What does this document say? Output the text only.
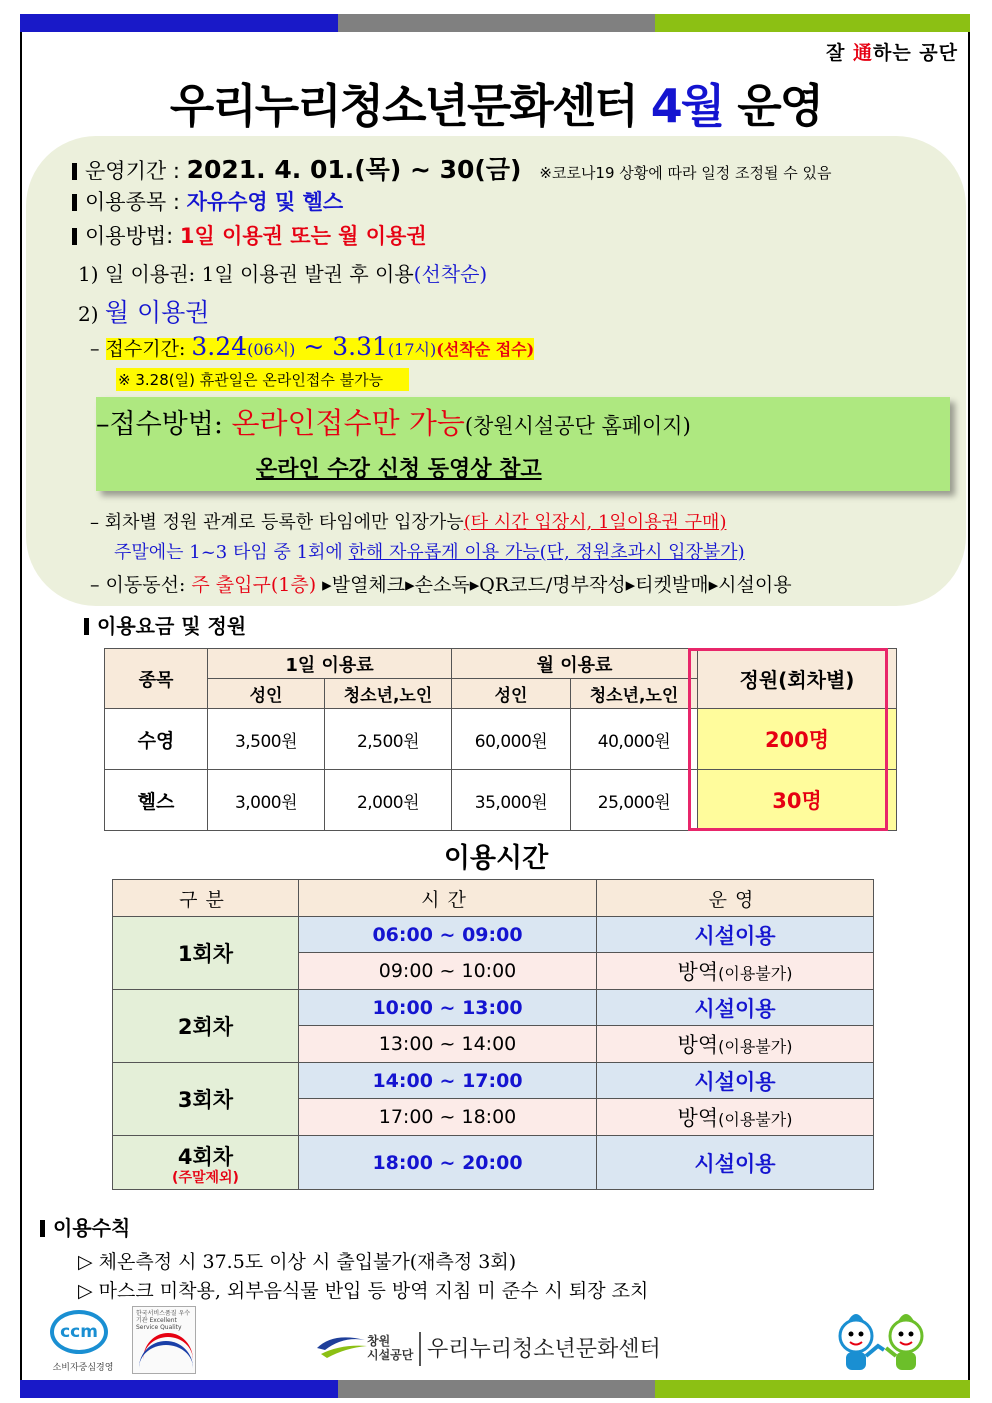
잘 通하는 공단
우리누리청소년문화센터 4월 운영
운영기간 : 2021. 4. 01.(목) ~ 30(금) ※코로나19 상황에 따라 일정 조정될 수 있음
이용종목 : 자유수영 및 헬스
이용방법: 1일 이용권 또는 월 이용권
1) 일 이용권: 1일 이용권 발권 후 이용(선착순)
2) 월 이용권
– 접수기간: 3.24(06시) ~ 3.31(17시)(선착순 접수)
※ 3.28(일) 휴관일은 온라인접수 불가능
–접수방법: 온라인접수만 가능(창원시설공단 홈페이지)
온라인 수강 신청 동영상 참고
– 회차별 정원 관계로 등록한 타임에만 입장가능(타 시간 입장시, 1일이용권 구매)
주말에는 1~3 타임 중 1회에 한해 자유롭게 이용 가능(단, 정원초과시 입장불가)
– 이동동선: 주 출입구(1층) ▸발열체크▸손소독▸QR코드/명부작성▸티켓발매▸시설이용
이용요금 및 정원
종목	1일 이용료		월 이용료		정원(회차별)
	성인	청소년,노인	성인	청소년,노인	
수영	3,500원	2,500원	60,000원	40,000원	200명
헬스	3,000원	2,000원	35,000원	25,000원	30명
이용시간
구분	시간	운영
1회차	06:00 ~ 09:00	시설이용
	09:00 ~ 10:00	방역(이용불가)
2회차	10:00 ~ 13:00	시설이용
	13:00 ~ 14:00	방역(이용불가)
3회차	14:00 ~ 17:00	시설이용
	17:00 ~ 18:00	방역(이용불가)
4회차
(주말제외)	18:00 ~ 20:00	시설이용
이용수칙
▷ 체온측정 시 37.5도 이상 시 출입불가(재측정 3회)
▷ 마스크 미착용, 외부음식물 반입 등 방역 지침 미 준수 시 퇴장 조치
ccm
소비자중심경영
한국서비스품질 우수기관 Excellent Service Quality
창원
시설공단 우리누리청소년문화센터
